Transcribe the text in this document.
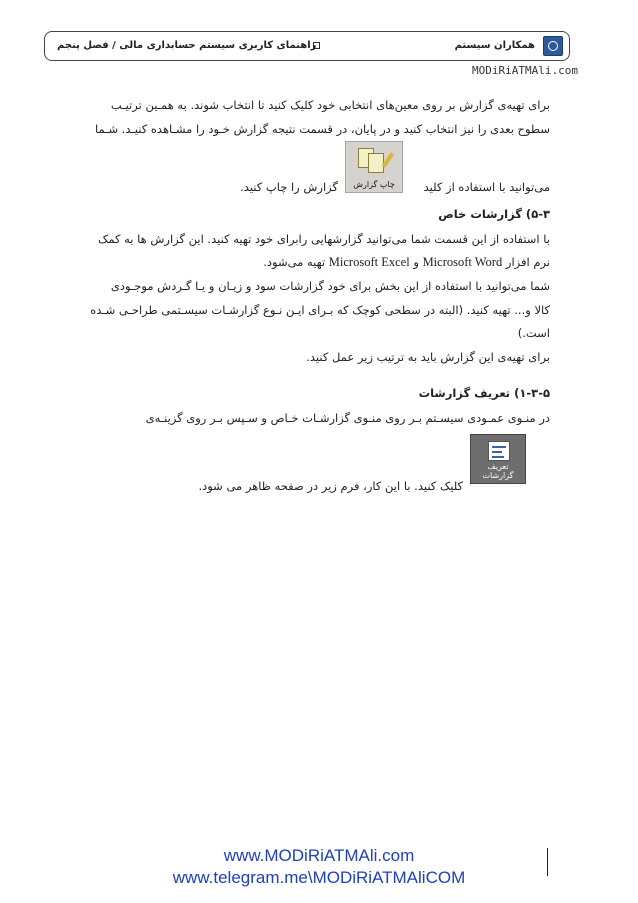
همکاران سیستم
راهنمای کاربری سیستم حسابداری مالی / فصل پنجم
MODiRiATMAli.com
برای تهیه‌ی گزارش بر روی معین‌های انتخابی خود کلیک کنید تا انتخاب شوند. به همـین ترتیـب
سطوح بعدی را نیز انتخاب کنید و در پایان، در قسمت نتیجه گزارش خـود را مشـاهده کنیـد. شـما
چاپ گزارش	می‌توانید با استفاده از کلید
گزارش را چاپ کنید.
۵-۳) گزارشات خاص
با استفاده از این قسمت شما می‌توانید گزارشهایی رابرای خود تهیه کنید. این گزارش ها به کمک
نرم افزار Microsoft Word و Microsoft Excel تهیه می‌شود.
شما می‌توانید با استفاده از این بخش برای خود گزارشات سود و زیـان و یـا گـردش موجـودی
کالا و... تهیه کنید. (البته در سطحی کوچک که بـرای ایـن نـوع گزارشـات سیسـتمی طراحـی شـده
است.)
برای تهیه‌ی این گزارش باید به ترتیب زیر عمل کنید.
۱-۳-۵) تعریف گزارشات
در منـوی عمـودی سیسـتم بـر روی منـوی گزارشـات خـاص و سـپس بـر روی گزینـه‌ی
تعریف گزارشات
کلیک کنید. با این کار، فرم زیر در صفحه ظاهر می شود.
www.MODiRiATMAli.com
www.telegram.me\MODiRiATMAliCOM
